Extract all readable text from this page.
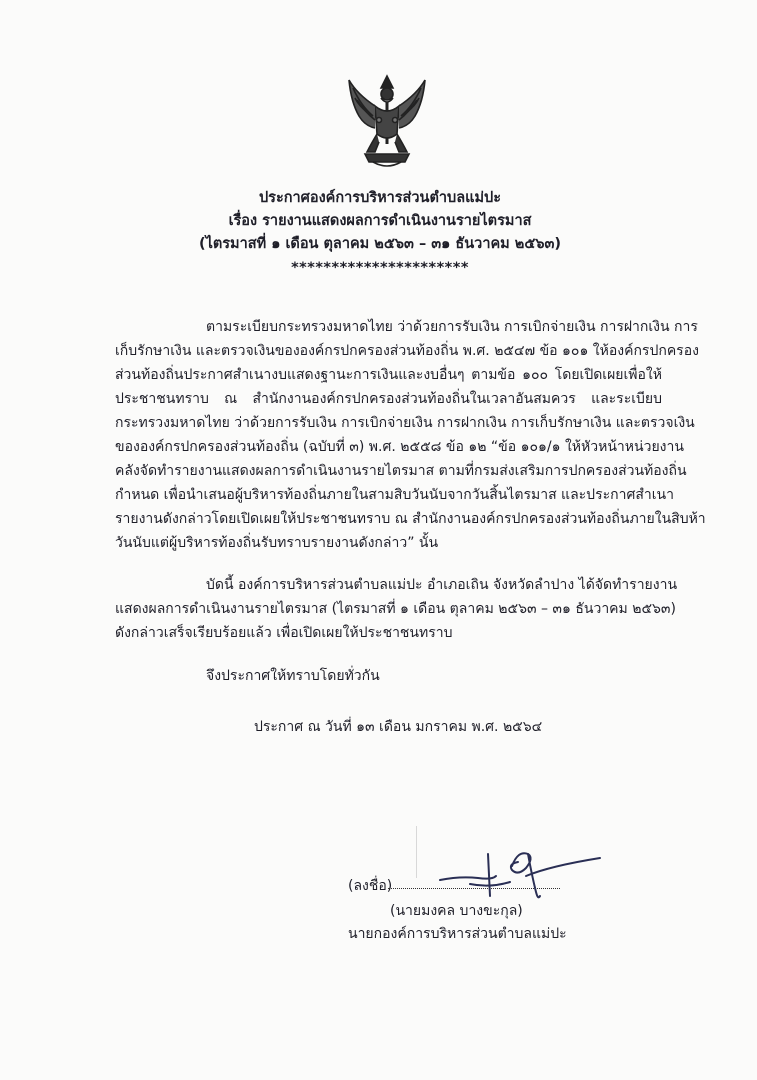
ประกาศองค์การบริหารส่วนตำบลแม่ปะ
เรื่อง รายงานแสดงผลการดำเนินงานรายไตรมาส
(ไตรมาสที่ ๑ เดือน ตุลาคม ๒๕๖๓ – ๓๑ ธันวาคม ๒๕๖๓)
**********************
ตามระเบียบกระทรวงมหาดไทย ว่าด้วยการรับเงิน การเบิกจ่ายเงิน การฝากเงิน การ
เก็บรักษาเงิน และตรวจเงินขององค์กรปกครองส่วนท้องถิ่น พ.ศ. ๒๕๔๗ ข้อ ๑๐๑ ให้องค์กรปกครอง
ส่วนท้องถิ่นประกาศสำเนางบแสดงฐานะการเงินและงบอื่นๆ ตามข้อ ๑๐๐ โดยเปิดเผยเพื่อให้
ประชาชนทราบ ณ สำนักงานองค์กรปกครองส่วนท้องถิ่นในเวลาอันสมควร และระเบียบ
กระทรวงมหาดไทย ว่าด้วยการรับเงิน การเบิกจ่ายเงิน การฝากเงิน การเก็บรักษาเงิน และตรวจเงิน
ขององค์กรปกครองส่วนท้องถิ่น (ฉบับที่ ๓) พ.ศ. ๒๕๕๘ ข้อ ๑๒ “ข้อ ๑๐๑/๑ ให้หัวหน้าหน่วยงาน
คลังจัดทำรายงานแสดงผลการดำเนินงานรายไตรมาส ตามที่กรมส่งเสริมการปกครองส่วนท้องถิ่น
กำหนด เพื่อนำเสนอผู้บริหารท้องถิ่นภายในสามสิบวันนับจากวันสิ้นไตรมาส และประกาศสำเนา
รายงานดังกล่าวโดยเปิดเผยให้ประชาชนทราบ ณ สำนักงานองค์กรปกครองส่วนท้องถิ่นภายในสิบห้า
วันนับแต่ผู้บริหารท้องถิ่นรับทราบรายงานดังกล่าว” นั้น
บัดนี้ องค์การบริหารส่วนตำบลแม่ปะ อำเภอเถิน จังหวัดลำปาง ได้จัดทำรายงาน
แสดงผลการดำเนินงานรายไตรมาส (ไตรมาสที่ ๑ เดือน ตุลาคม ๒๕๖๓ – ๓๑ ธันวาคม ๒๕๖๓)
ดังกล่าวเสร็จเรียบร้อยแล้ว เพื่อเปิดเผยให้ประชาชนทราบ
จึงประกาศให้ทราบโดยทั่วกัน
ประกาศ ณ วันที่ ๑๓ เดือน มกราคม พ.ศ. ๒๕๖๔
(ลงชื่อ)
(นายมงคล บางขะกุล)
นายกองค์การบริหารส่วนตำบลแม่ปะ
